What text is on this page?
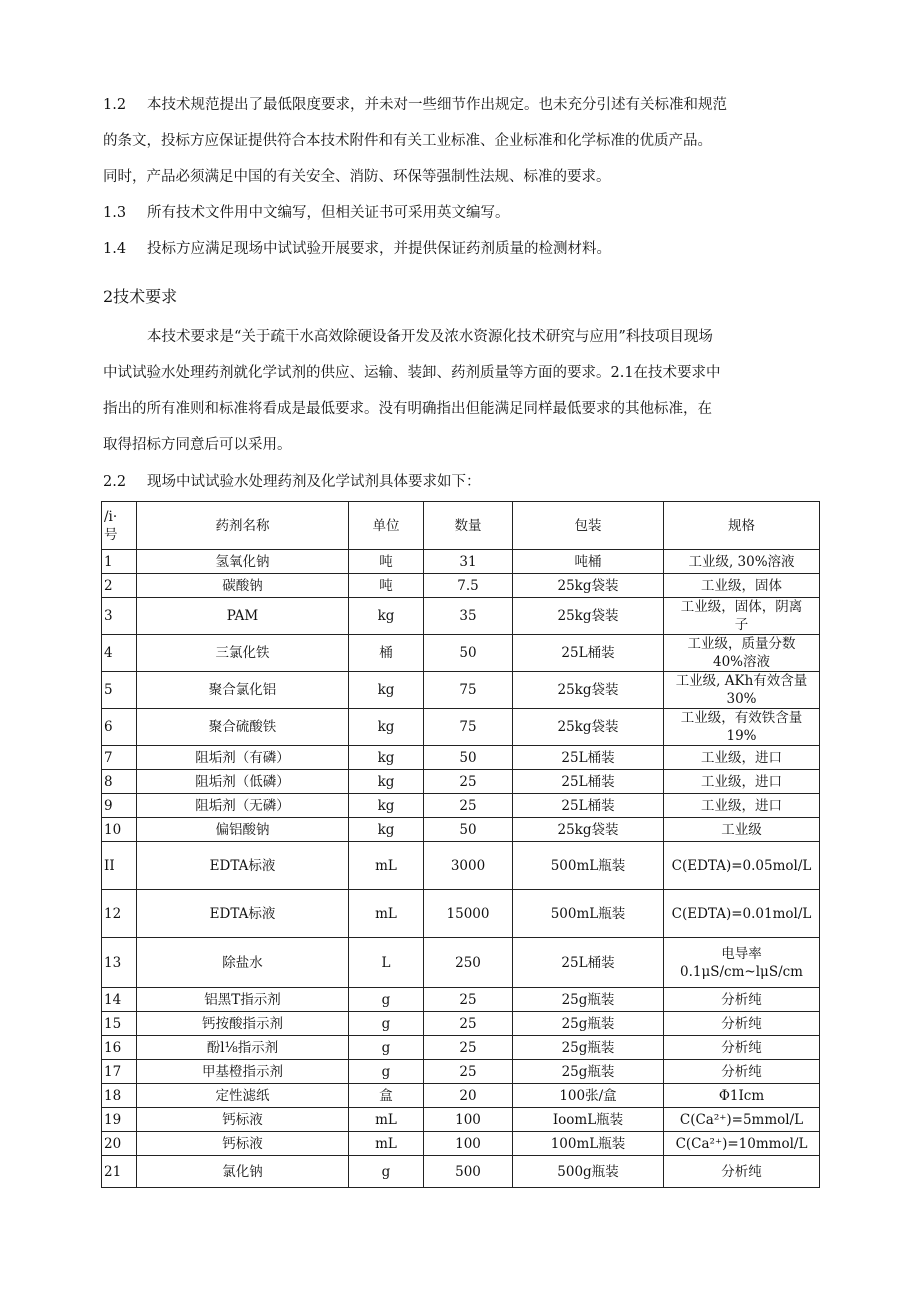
1.2 本技术规范提出了最低限度要求，并未对一些细节作出规定。也未充分引述有关标准和规范
的条文，投标方应保证提供符合本技术附件和有关工业标准、企业标准和化学标准的优质产品。
同时，产品必须满足中国的有关安全、消防、环保等强制性法规、标准的要求。
1.3 所有技术文件用中文编写，但相关证书可采用英文编写。
1.4 投标方应满足现场中试试验开展要求，并提供保证药剂质量的检测材料。
2技术要求
本技术要求是“关于疏干水高效除硬设备开发及浓水资源化技术研究与应用”科技项目现场
中试试验水处理药剂就化学试剂的供应、运输、装卸、药剂质量等方面的要求。2.1在技术要求中
指出的所有准则和标准将看成是最低要求。没有明确指出但能满足同样最低要求的其他标准，在
取得招标方同意后可以采用。
2.2 现场中试试验水处理药剂及化学试剂具体要求如下：
/i·
号	药剂名称	单位	数量	包装	规格
1	氢氧化钠	吨	31	吨桶	工业级, 30%溶液
2	碳酸钠	吨	7.5	25kg袋装	工业级，固体
3	PAM	kg	35	25kg袋装	工业级，固体，阴离
子
4	三氯化铁	桶	50	25L桶装	工业级，质量分数
40%溶液
5	聚合氯化铝	kg	75	25kg袋装	工业级, AKh有效含量
30%
6	聚合硫酸铁	kg	75	25kg袋装	工业级，有效铁含量
19%
7	阻垢剂（有磷）	kg	50	25L桶装	工业级，进口
8	阻垢剂（低磷）	kg	25	25L桶装	工业级，进口
9	阻垢剂（无磷）	kg	25	25L桶装	工业级，进口
10	偏铝酸钠	kg	50	25kg袋装	工业级
II	EDTA标液	mL	3000	500mL瓶装	C(EDTA)=0.05mol/L
12	EDTA标液	mL	15000	500mL瓶装	C(EDTA)=0.01mol/L
13	除盐水	L	250	25L桶装	电导率
0.1μS/cm~lμS/cm
14	铝黑T指示剂	g	25	25g瓶装	分析纯
15	钙按酸指示剂	g	25	25g瓶装	分析纯
16	酚l⅛指示剂	g	25	25g瓶装	分析纯
17	甲基橙指示剂	g	25	25g瓶装	分析纯
18	定性滤纸	盒	20	100张/盒	Φ1Icm
19	钙标液	mL	100	IoomL瓶装	C(Ca²⁺)=5mmol/L
20	钙标液	mL	100	100mL瓶装	C(Ca²⁺)=10mmol/L
21	氯化钠	g	500	500g瓶装	分析纯
